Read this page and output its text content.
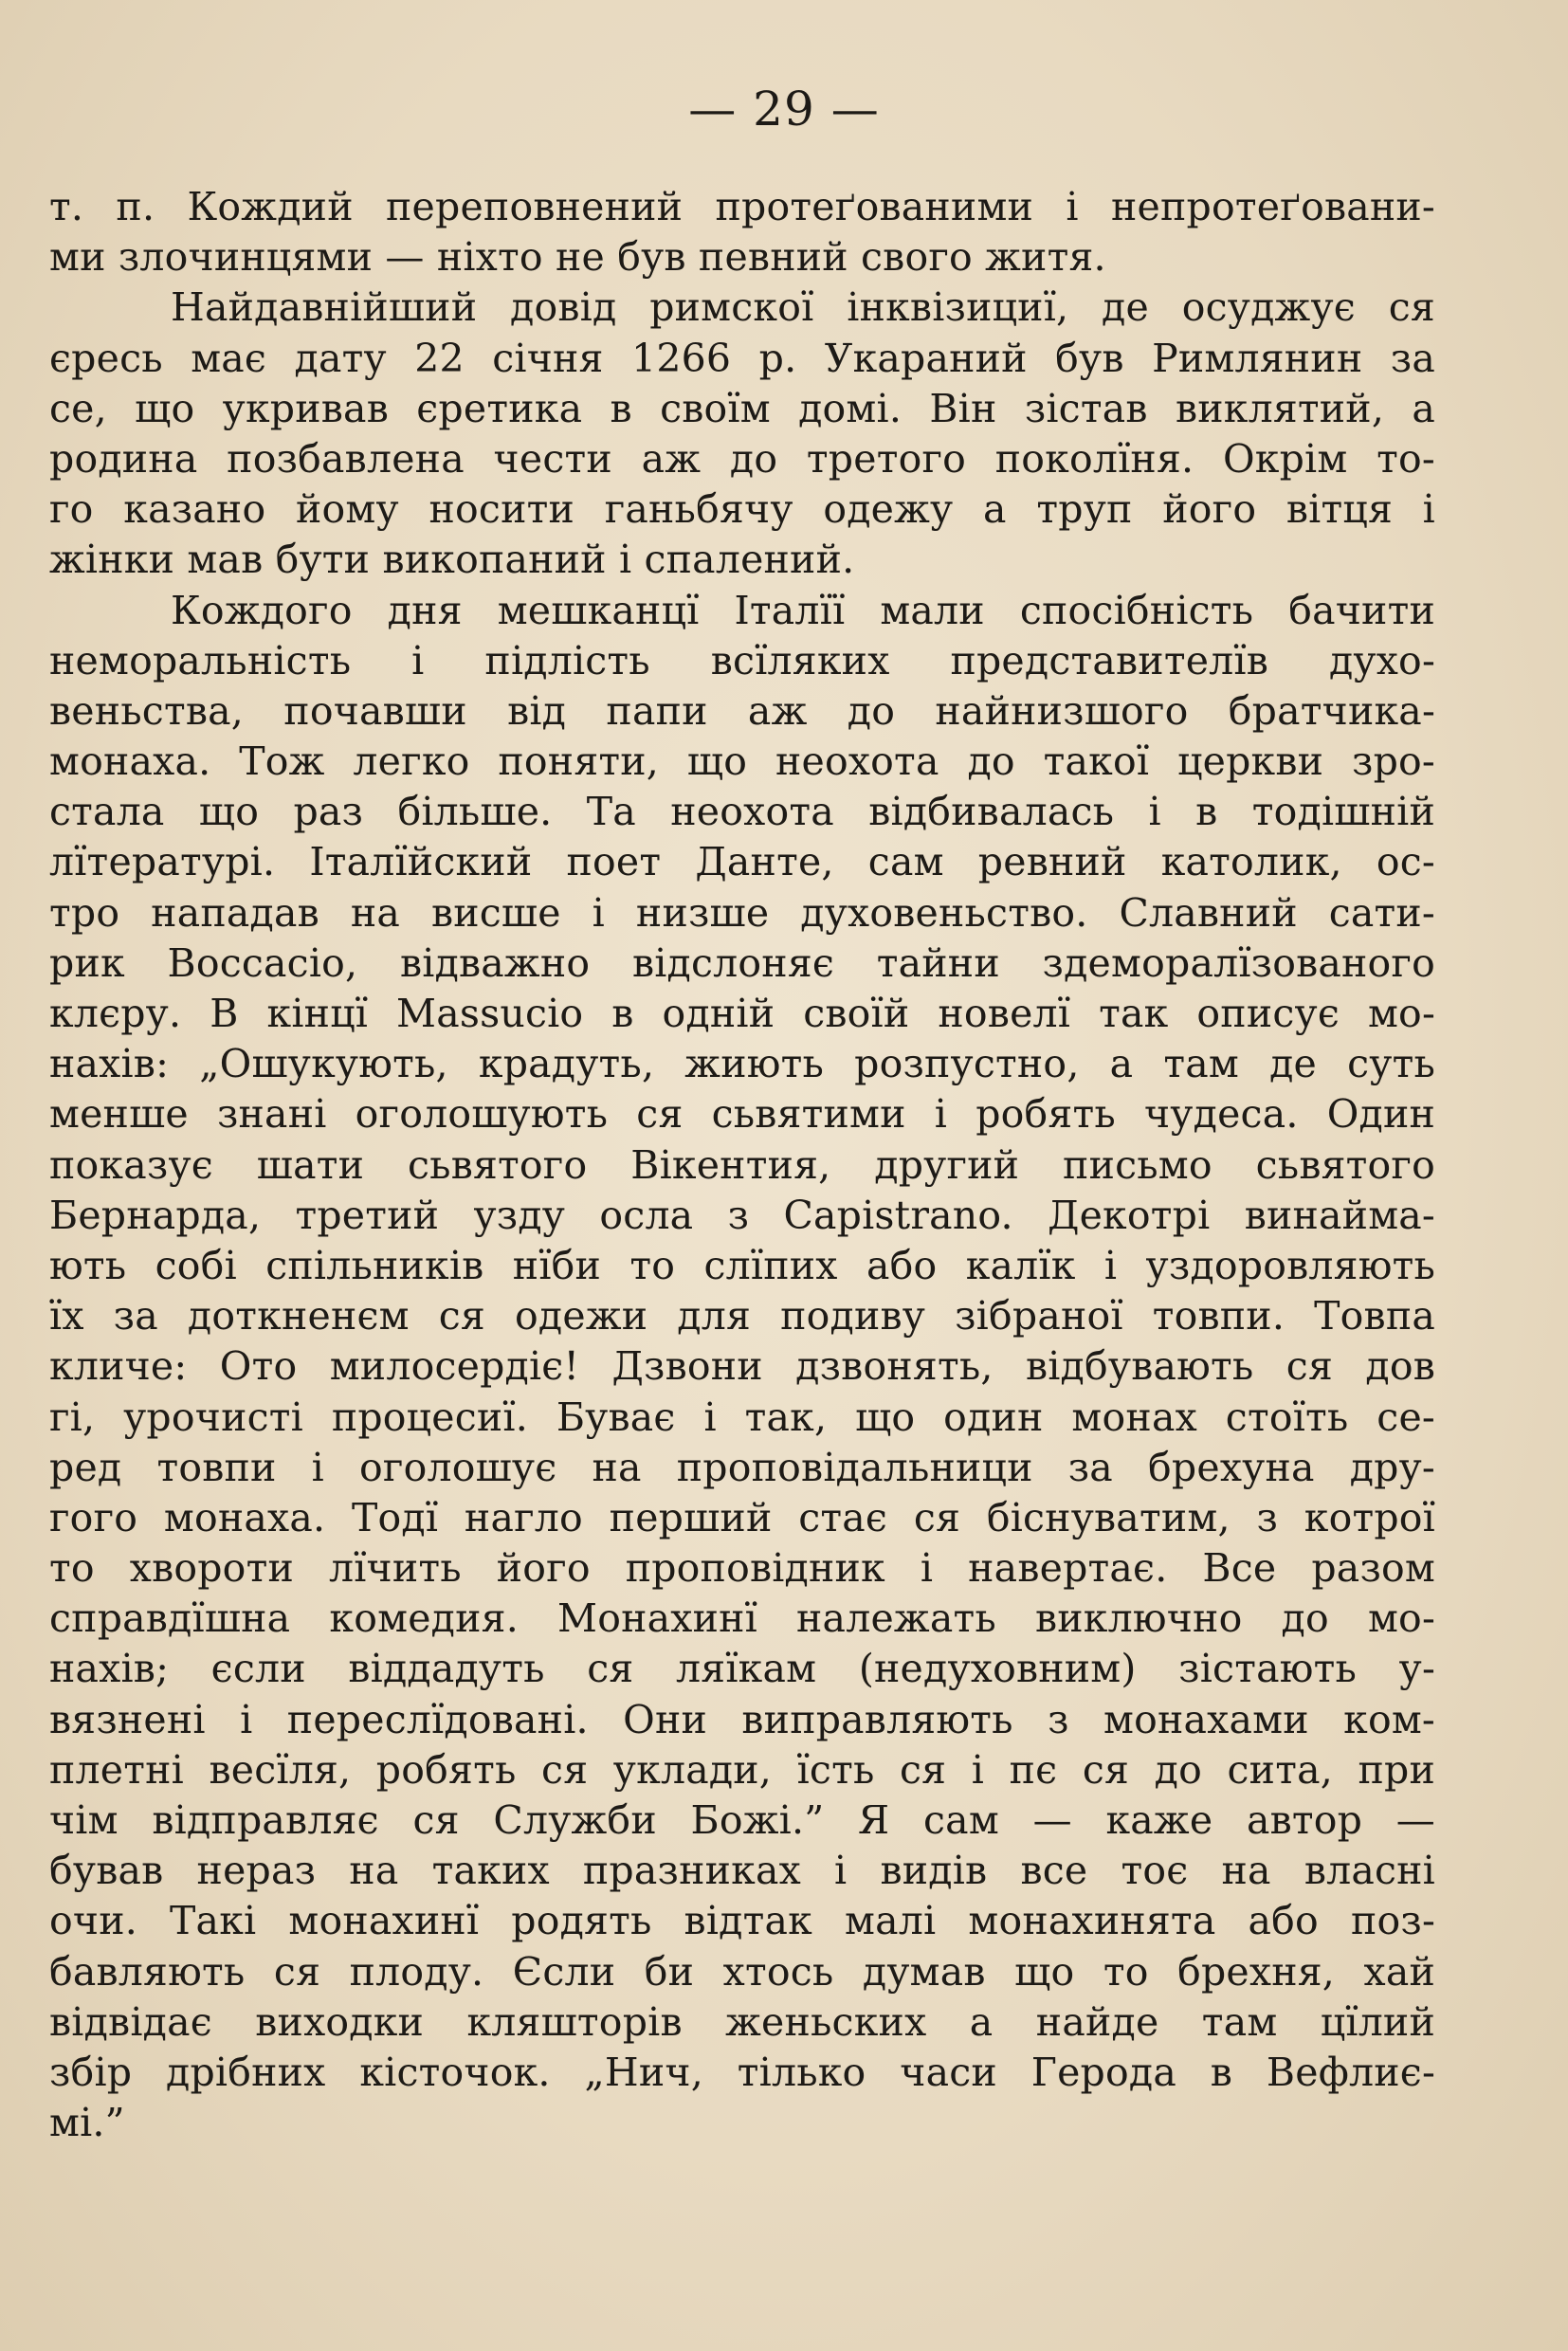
— 29 —
т. п. Кождий переповнений протеґованими і непротеґовани-
ми злочинцями — ніхто не був певний свого житя.
Найдавнійший довід римскої інквізициї, де осуджує ся
єресь має дату 22 січня 1266 р. Укараний був Римлянин за
се, що укривав єретика в своїм домі. Він зістав виклятий, а
родина позбавлена чести аж до третого поколїня. Окрім то-
го казано йому носити ганьбячу одежу а труп його вітця і
жінки мав бути викопаний і спалений.
Кождого дня мешканцї Італїї мали спосібність бачити
неморальність і підлість всїляких представителїв духо-
веньства, почавши від папи аж до найнизшого братчика-
монаха. Тож легко поняти, що неохота до такої церкви зро-
стала що раз більше. Та неохота відбивалась і в тодішній
лїтературі. Італїйский поет Данте, сам ревний католик, ос-
тро нападав на висше і низше духовеньство. Славний сати-
рик Boccacio, відважно відслоняє тайни здеморалїзованого
клєру. В кінцї Massucio в одній своїй новелї так описує мо-
нахів: „Ошукують, крадуть, жиють розпустно, а там де суть
менше знані оголошують ся сьвятими і робять чудеса. Один
показує шати сьвятого Вікентия, другий письмо сьвятого
Бернарда, третий узду осла з Capistrano. Декотрі винайма-
ють собі спільників нїби то слїпих або калїк і уздоровляють
їх за доткненєм ся одежи для подиву зібраної товпи. Товпа
кличе: Ото милосердіє! Дзвони дзвонять, відбувають ся дов
гі, урочисті процесиї. Буває і так, що один монах стоїть се-
ред товпи і оголошує на проповідальници за брехуна дру-
гого монаха. Тодї нагло перший стає ся біснуватим, з котрої
то хвороти лїчить його проповідник і навертає. Все разом
справдїшна комедия. Монахинї належать виключно до мо-
нахів; єсли віддадуть ся ляїкам (недуховним) зістають у-
вязнені і переслїдовані. Они виправляють з монахами ком-
плетні весїля, робять ся уклади, їсть ся і пє ся до сита, при
чім відправляє ся Служби Божі.” Я сам — каже автор —
бував нераз на таких празниках і видів все тоє на власні
очи. Такі монахинї родять відтак малі монахинята або поз-
бавляють ся плоду. Єсли би хтось думав що то брехня, хай
відвідає виходки кляшторів женьских а найде там цїлий
збір дрібних кісточок. „Нич, тілько часи Герода в Вефлиє-
мі.”
